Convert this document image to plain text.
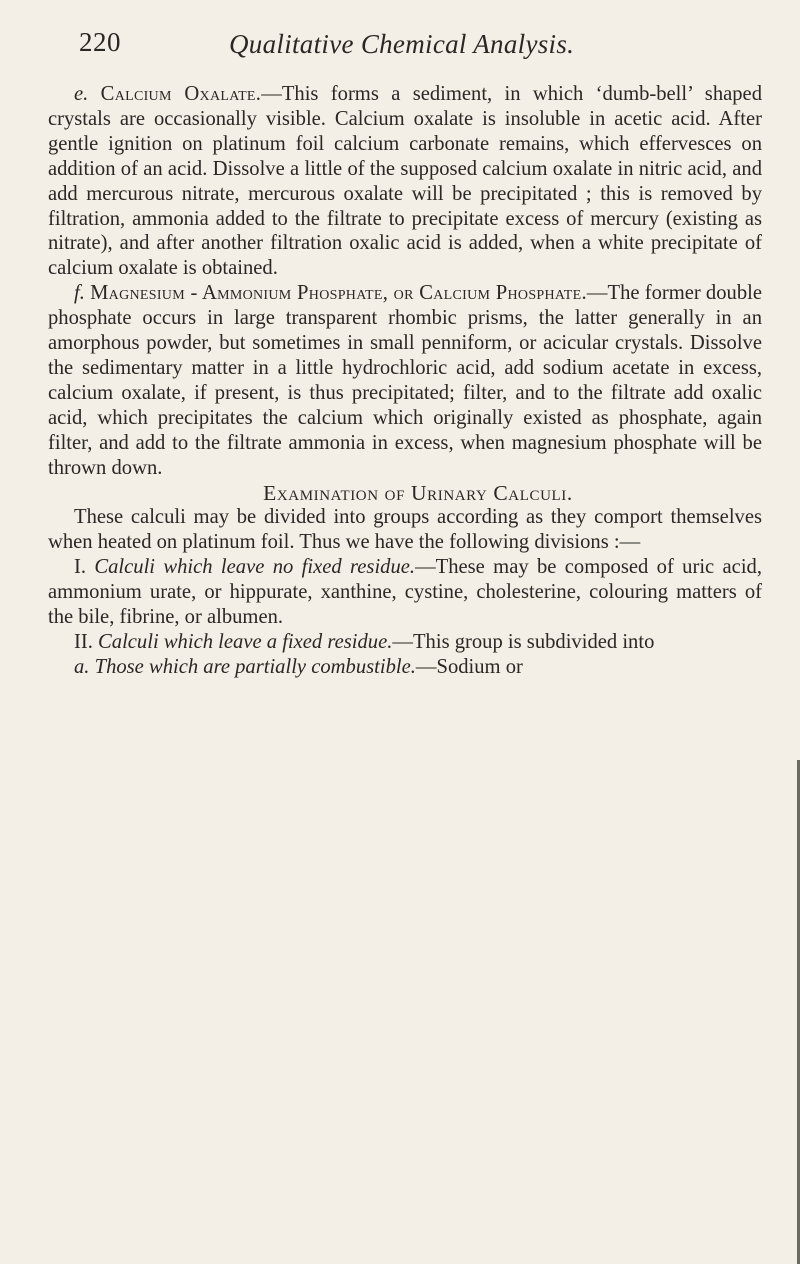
220	Qualitative Chemical Analysis.

e. Calcium Oxalate.—This forms a sediment, in which ‘dumb-bell’ shaped crystals are occasionally visible. Calcium oxalate is insoluble in acetic acid. After gentle ignition on platinum foil calcium carbonate remains, which effervesces on addition of an acid. Dissolve a little of the supposed calcium oxalate in nitric acid, and add mercurous nitrate, mercurous oxalate will be precipitated ; this is removed by filtration, ammonia added to the filtrate to precipitate excess of mercury (existing as nitrate), and after another filtration oxalic acid is added, when a white precipitate of calcium oxalate is obtained.

f. Magnesium - Ammonium Phosphate, or Calcium Phosphate.—The former double phosphate occurs in large transparent rhombic prisms, the latter generally in an amorphous powder, but sometimes in small penniform, or acicular crystals. Dissolve the sedimentary matter in a little hydrochloric acid, add sodium acetate in excess, calcium oxalate, if present, is thus precipitated; filter, and to the filtrate add oxalic acid, which precipitates the calcium which originally existed as phosphate, again filter, and add to the filtrate ammonia in excess, when magnesium phosphate will be thrown down.

Examination of Urinary Calculi.

These calculi may be divided into groups according as they comport themselves when heated on platinum foil. Thus we have the following divisions :—

I. Calculi which leave no fixed residue.—These may be composed of uric acid, ammonium urate, or hippurate, xanthine, cystine, cholesterine, colouring matters of the bile, fibrine, or albumen.

II. Calculi which leave a fixed residue.—This group is subdivided into

a. Those which are partially combustible.—Sodium or
